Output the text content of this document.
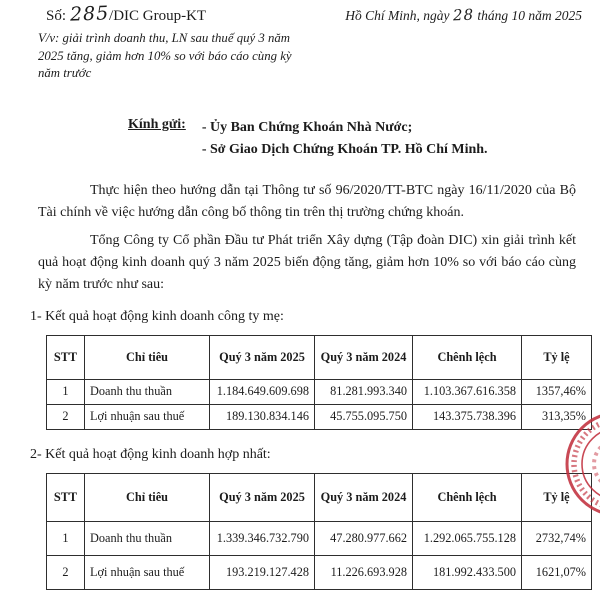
Số: 285/DIC Group-KT
V/v: giải trình doanh thu, LN sau thuế quý 3 năm 2025 tăng, giảm hơn 10% so với báo cáo cùng kỳ năm trước
Hồ Chí Minh, ngày 28 tháng 10 năm 2025
Kính gửi: - Ủy Ban Chứng Khoán Nhà Nước;
- Sở Giao Dịch Chứng Khoán TP. Hồ Chí Minh.

Thực hiện theo hướng dẫn tại Thông tư số 96/2020/TT-BTC ngày 16/11/2020 của Bộ Tài chính về việc hướng dẫn công bố thông tin trên thị trường chứng khoán.

Tổng Công ty Cổ phần Đầu tư Phát triển Xây dựng (Tập đoàn DIC) xin giải trình kết quả hoạt động kinh doanh quý 3 năm 2025 biến động tăng, giảm hơn 10% so với báo cáo cùng kỳ năm trước như sau:

1- Kết quả hoạt động kinh doanh công ty mẹ:
STT	Chỉ tiêu	Quý 3 năm 2025	Quý 3 năm 2024	Chênh lệch	Tỷ lệ
1	Doanh thu thuần	1.184.649.609.698	81.281.993.340	1.103.367.616.358	1357,46%
2	Lợi nhuận sau thuế	189.130.834.146	45.755.095.750	143.375.738.396	313,35%
2- Kết quả hoạt động kinh doanh hợp nhất:
STT	Chỉ tiêu	Quý 3 năm 2025	Quý 3 năm 2024	Chênh lệch	Tỷ lệ
1	Doanh thu thuần	1.339.346.732.790	47.280.977.662	1.292.065.755.128	2732,74%
2	Lợi nhuận sau thuế	193.219.127.428	11.226.693.928	181.992.433.500	1621,07%
